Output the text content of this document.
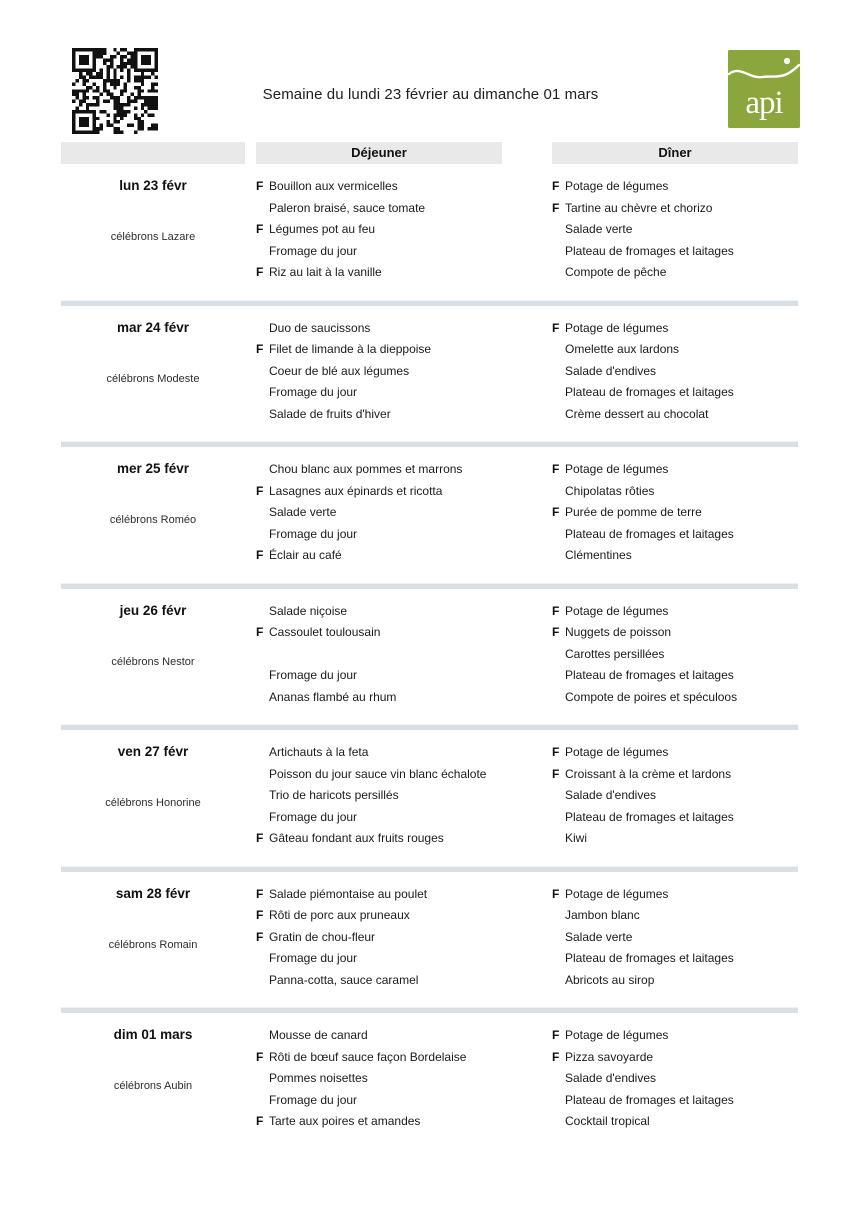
Semaine du lundi 23 février au dimanche 01 mars	api
Déjeuner	Dîner
lun 23 févr
célébrons Lazare
F Bouillon aux vermicelles
Paleron braisé, sauce tomate
F Légumes pot au feu
Fromage du jour
F Riz au lait à la vanille
F Potage de légumes
F Tartine au chèvre et chorizo
Salade verte
Plateau de fromages et laitages
Compote de pêche
mar 24 févr
célébrons Modeste
Duo de saucissons
F Filet de limande à la dieppoise
Coeur de blé aux légumes
Fromage du jour
Salade de fruits d'hiver
F Potage de légumes
Omelette aux lardons
Salade d'endives
Plateau de fromages et laitages
Crème dessert au chocolat
mer 25 févr
célébrons Roméo
Chou blanc aux pommes et marrons
F Lasagnes aux épinards et ricotta
Salade verte
Fromage du jour
F Éclair au café
F Potage de légumes
Chipolatas rôties
F Purée de pomme de terre
Plateau de fromages et laitages
Clémentines
jeu 26 févr
célébrons Nestor
Salade niçoise
F Cassoulet toulousain
Fromage du jour
Ananas flambé au rhum
F Potage de légumes
F Nuggets de poisson
Carottes persillées
Plateau de fromages et laitages
Compote de poires et spéculoos
ven 27 févr
célébrons Honorine
Artichauts à la feta
Poisson du jour sauce vin blanc échalote
Trio de haricots persillés
Fromage du jour
F Gâteau fondant aux fruits rouges
F Potage de légumes
F Croissant à la crème et lardons
Salade d'endives
Plateau de fromages et laitages
Kiwi
sam 28 févr
célébrons Romain
F Salade piémontaise au poulet
F Rôti de porc aux pruneaux
F Gratin de chou-fleur
Fromage du jour
Panna-cotta, sauce caramel
F Potage de légumes
Jambon blanc
Salade verte
Plateau de fromages et laitages
Abricots au sirop
dim 01 mars
célébrons Aubin
Mousse de canard
F Rôti de bœuf sauce façon Bordelaise
Pommes noisettes
Fromage du jour
F Tarte aux poires et amandes
F Potage de légumes
F Pizza savoyarde
Salade d'endives
Plateau de fromages et laitages
Cocktail tropical
